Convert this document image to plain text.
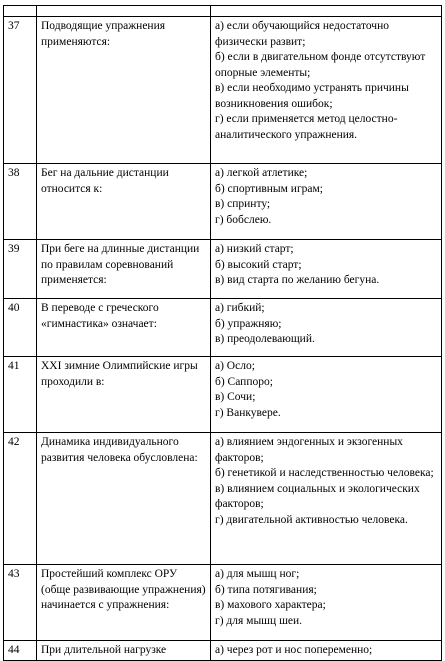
37	Подводящие упражнения применяются:	а) если обучающийся недостаточно физически развит;
б) если в двигательном фонде отсутствуют опорные элементы;
в) если необходимо устранять причины возникновения ошибок;
г) если применяется метод целостно-аналитического упражнения.

38	Бег на дальние дистанции относится к:	а) легкой атлетике;
б) спортивным играм;
в) спринту;
г) бобслею.

39	При беге на длинные дистанции по правилам соревнований применяется:	а) низкий старт;
б) высокий старт;
в) вид старта по желанию бегуна.

40	В переводе с греческого «гимнастика» означает:	а) гибкий;
б) упражняю;
в) преодолевающий.

41	XXI зимние Олимпийские игры проходили в:	а) Осло;
б) Саппоро;
в) Сочи;
г) Ванкувере.

42	Динамика индивидуального развития человека обусловлена:	а) влиянием эндогенных и экзогенных факторов;
б) генетикой и наследственностью человека;
в) влиянием социальных и экологических факторов;
г) двигательной активностью человека.

43	Простейший комплекс ОРУ (обще развивающие упражнения) начинается с упражнения:	а) для мышц ног;
б) типа потягивания;
в) махового характера;
г) для мышц шеи.

44	При длительной нагрузке	а) через рот и нос попеременно;
